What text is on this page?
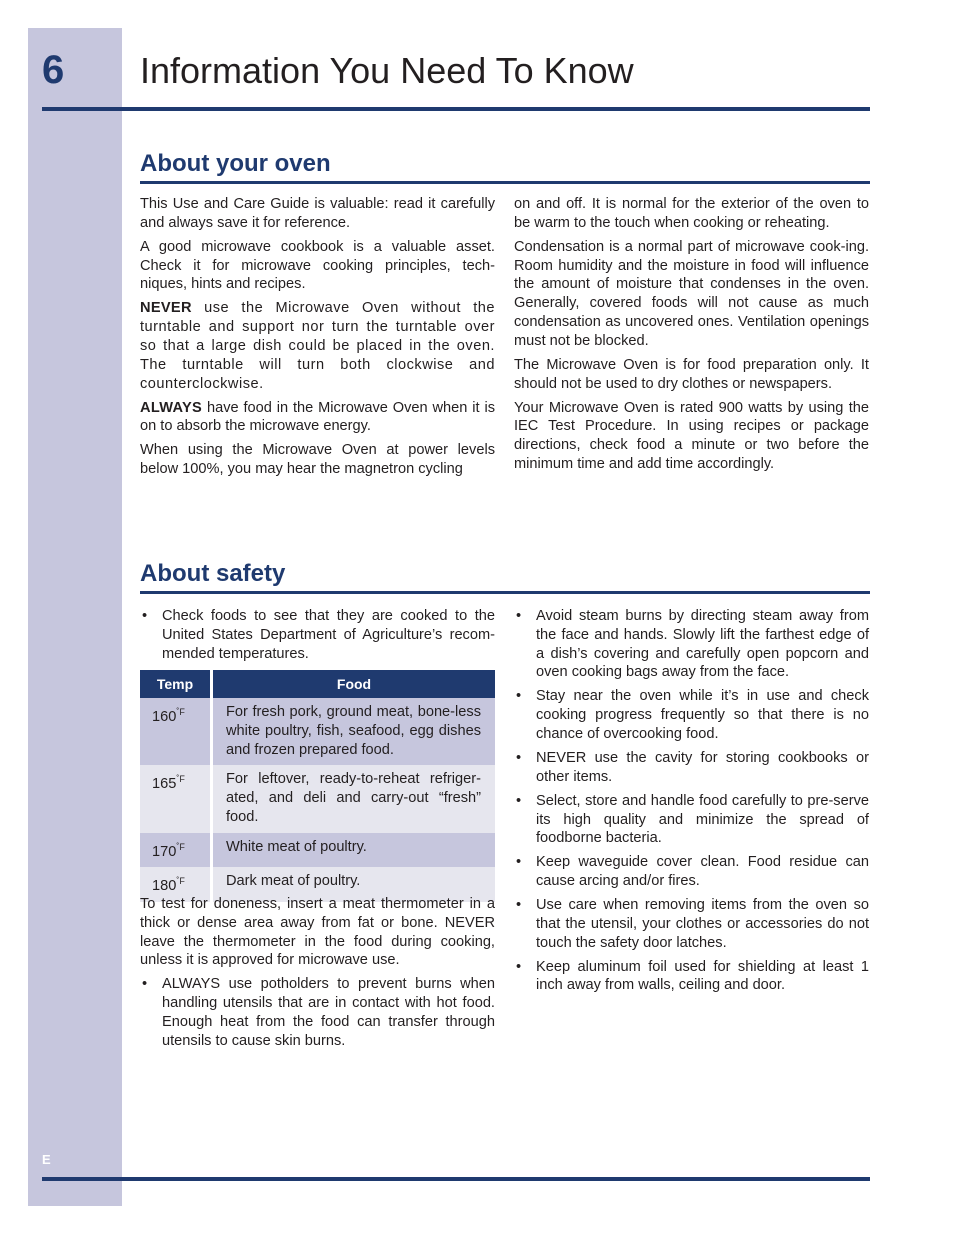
6 Information You Need To Know
About your oven

This Use and Care Guide is valuable: read it carefully and always save it for reference.

A good microwave cookbook is a valuable asset. Check it for microwave cooking principles, tech-niques, hints and recipes.

NEVER use the Microwave Oven without the turntable and support nor turn the turntable over so that a large dish could be placed in the oven. The turntable will turn both clockwise and counterclockwise.

ALWAYS have food in the Microwave Oven when it is on to absorb the microwave energy.

When using the Microwave Oven at power levels below 100%, you may hear the magnetron cycling

on and off. It is normal for the exterior of the oven to be warm to the touch when cooking or reheating.

Condensation is a normal part of microwave cook-ing. Room humidity and the moisture in food will influence the amount of moisture that condenses in the oven. Generally, covered foods will not cause as much condensation as uncovered ones. Ventilation openings must not be blocked.

The Microwave Oven is for food preparation only. It should not be used to dry clothes or newspapers.

Your Microwave Oven is rated 900 watts by using the IEC Test Procedure. In using recipes or package directions, check food a minute or two before the minimum time and add time accordingly.

About safety
• Check foods to see that they are cooked to the United States Department of Agriculture’s recom-mended temperatures.
Temp	Food
$160^{˚F}$	For fresh pork, ground meat, bone-less white poultry, fish, seafood, egg dishes and frozen prepared food.
$165^{˚F}$	For leftover, ready-to-reheat refriger-ated, and deli and carry-out “fresh” food.
$170^{˚F}$	White meat of poultry.
$180^{˚F}$	Dark meat of poultry.

To test for doneness, insert a meat thermometer in a thick or dense area away from fat or bone. NEVER leave the thermometer in the food during cooking, unless it is approved for microwave use.

• ALWAYS use potholders to prevent burns when handling utensils that are in contact with hot food. Enough heat from the food can transfer through utensils to cause skin burns.
• Avoid steam burns by directing steam away from the face and hands. Slowly lift the farthest edge of a dish’s covering and carefully open popcorn and oven cooking bags away from the face.
• Stay near the oven while it’s in use and check cooking progress frequently so that there is no chance of overcooking food.
• NEVER use the cavity for storing cookbooks or other items.
• Select, store and handle food carefully to pre-serve its high quality and minimize the spread of foodborne bacteria.
• Keep waveguide cover clean. Food residue can cause arcing and/or fires.
• Use care when removing items from the oven so that the utensil, your clothes or accessories do not touch the safety door latches.
• Keep aluminum foil used for shielding at least 1 inch away from walls, ceiling and door.
E
